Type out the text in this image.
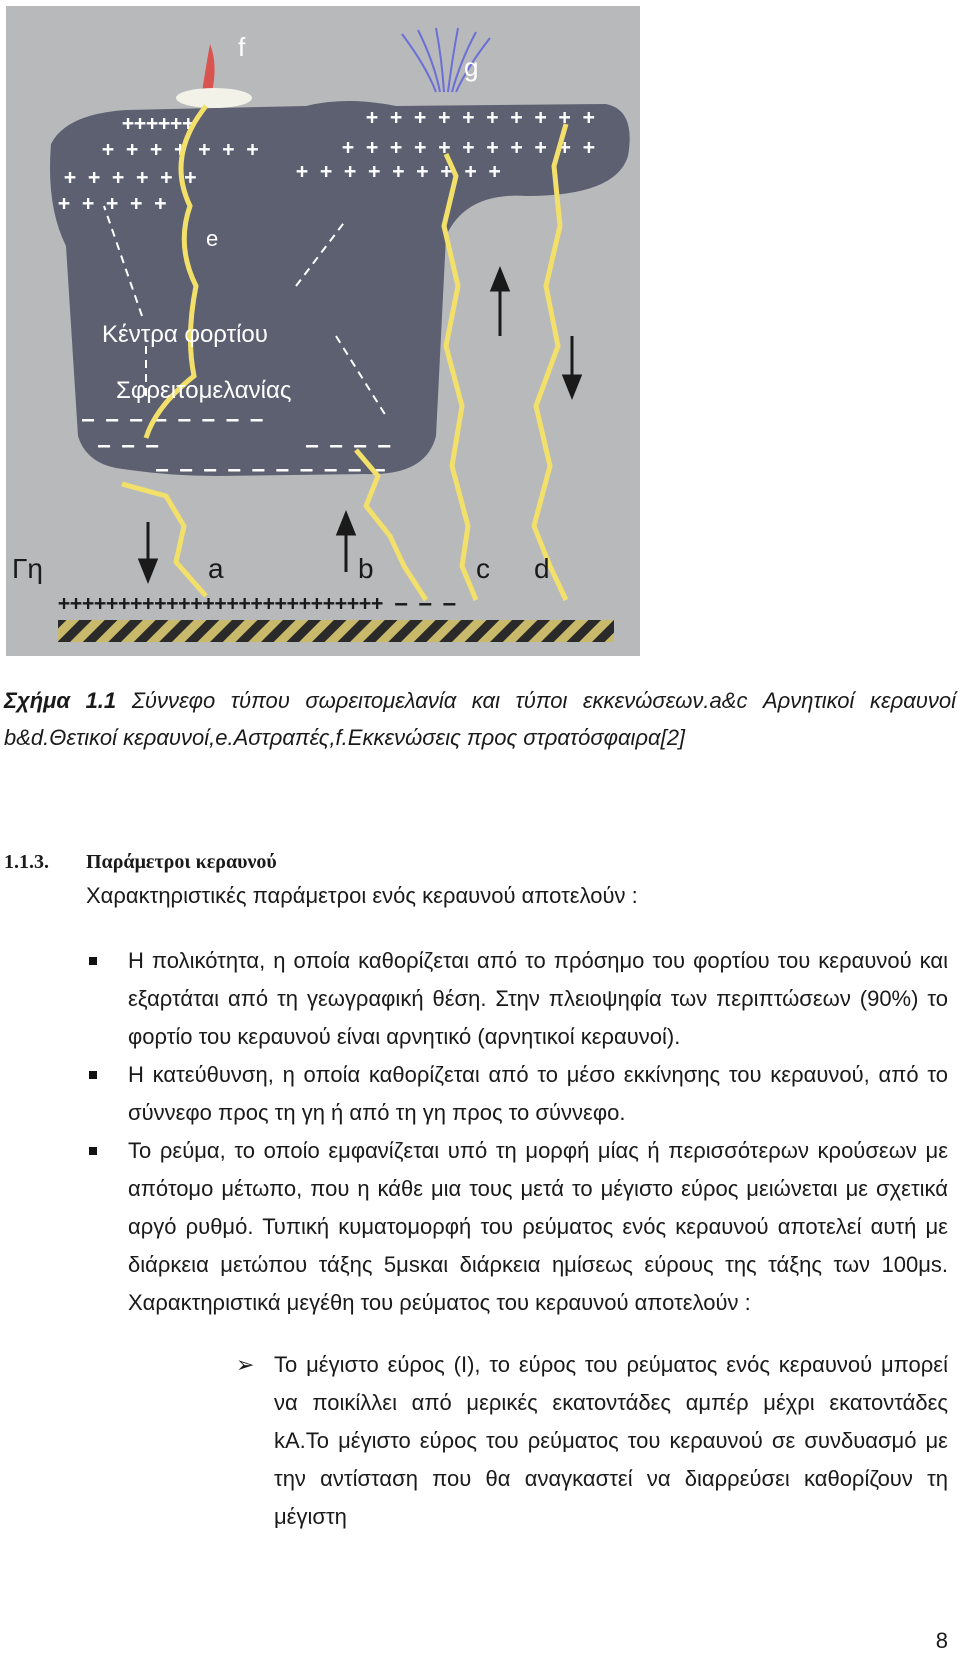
++++++
+ + + + + + +
+ + + + + +
+ + + + +
+ + + + + + + + + +
+ + + + + + + + + + +
+ + + + + + + + +
— — — — — — — —
— — —	— — — —
— — — — — — — — — —
f
g
e
Κέντρα φορτίου
Σφρειτομελανίας
Γη	a	b	c d
+++++++++++++++++++++++++++ — — —
Σχήμα 1.1 Σύννεφο τύπου σωρειτομελανία και τύποι εκκενώσεων.a&c Αρνητικοί κεραυνοί b&d.Θετικοί κεραυνοί,e.Αστραπές,f.Εκκενώσεις προς στρατόσφαιρα[2]
1.1.3. Παράμετροι κεραυνού
Χαρακτηριστικές παράμετροι ενός κεραυνού αποτελούν :
Η πολικότητα, η οποία καθορίζεται από το πρόσημο του φορτίου του κεραυνού και εξαρτάται από τη γεωγραφική θέση. Στην πλειοψηφία των περιπτώσεων (90%) το φορτίο του κεραυνού είναι αρνητικό (αρνητικοί κεραυνοί).
Η κατεύθυνση, η οποία καθορίζεται από το μέσο εκκίνησης του κεραυνού, από το σύννεφο προς τη γη ή από τη γη προς το σύννεφο.
Το ρεύμα, το οποίο εμφανίζεται υπό τη μορφή μίας ή περισσότερων κρούσεων με απότομο μέτωπο, που η κάθε μια τους μετά το μέγιστο εύρος μειώνεται με σχετικά αργό ρυθμό. Τυπική κυματομορφή του ρεύματος ενός κεραυνού αποτελεί αυτή με διάρκεια μετώπου τάξης 5μsκαι διάρκεια ημίσεως εύρους της τάξης των 100μs. Χαρακτηριστικά μεγέθη του ρεύματος του κεραυνού αποτελούν :
➢ Το μέγιστο εύρος (I), το εύρος του ρεύματος ενός κεραυνού μπορεί να ποικίλλει από μερικές εκατοντάδες αμπέρ μέχρι εκατοντάδες kA.Το μέγιστο εύρος του ρεύματος του κεραυνού σε συνδυασμό με την αντίσταση που θα αναγκαστεί να διαρρεύσει καθορίζουν τη μέγιστη
8
